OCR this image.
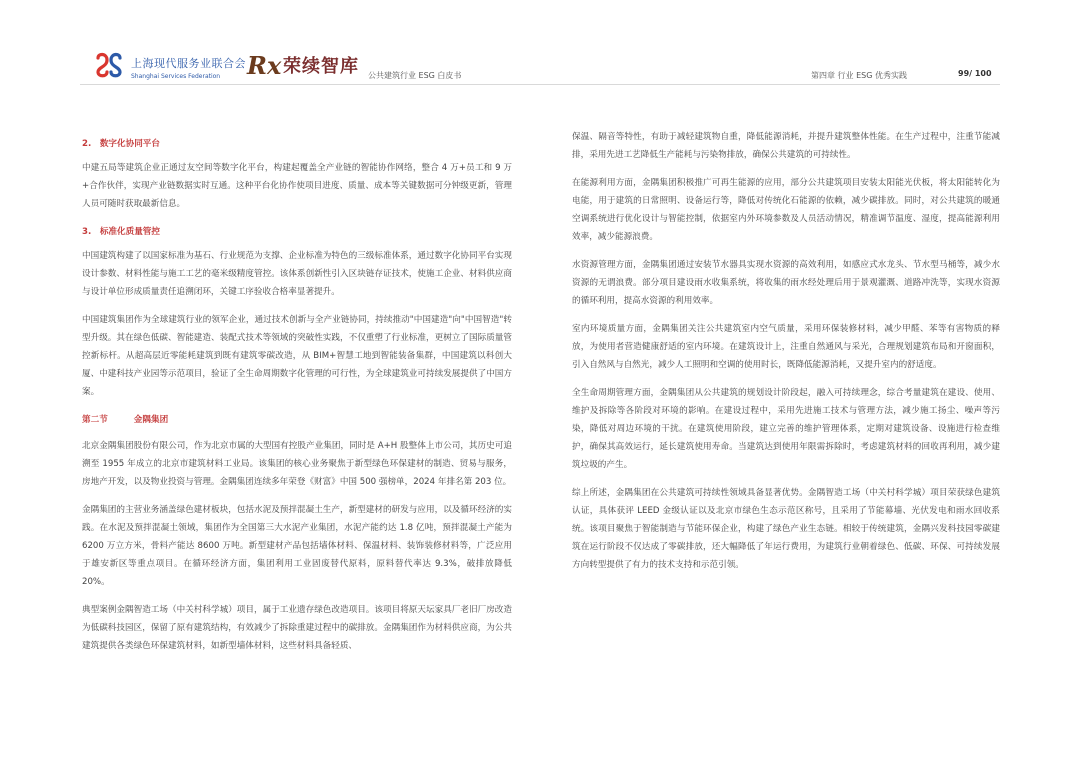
上海现代服务业联合会
Shanghai Services Federation	Rx 荣续智库 公共建筑行业 ESG 白皮书	第四章 行业 ESG 优秀实践	99/ 100
2.　数字化协同平台

中建五局等建筑企业正通过友空间等数字化平台，构建起覆盖全产业链的智能协作网络，整合 4 万+员工和 9 万+合作伙伴，实现产业链数据实时互通。这种平台化协作使项目进度、质量、成本等关键数据可分钟级更新，管理人员可随时获取最新信息。

3.　标准化质量管控

中国建筑构建了以国家标准为基石、行业规范为支撑、企业标准为特色的三级标准体系，通过数字化协同平台实现设计参数、材料性能与施工工艺的毫米级精度管控。该体系创新性引入区块链存证技术，使施工企业、材料供应商与设计单位形成质量责任追溯闭环，关键工序验收合格率显著提升。

中国建筑集团作为全球建筑行业的领军企业，通过技术创新与全产业链协同，持续推动"中国建造"向"中国智造"转型升级。其在绿色低碳、智能建造、装配式技术等领域的突破性实践，不仅重塑了行业标准，更树立了国际质量管控新标杆。从超高层近零能耗建筑到既有建筑零碳改造，从 BIM+智慧工地到智能装备集群，中国建筑以科创大厦、中建科技产业园等示范项目，验证了全生命周期数字化管理的可行性，为全球建筑业可持续发展提供了中国方案。

第二节	金隅集团

北京金隅集团股份有限公司，作为北京市属的大型国有控股产业集团，同时是 A+H 股整体上市公司，其历史可追溯至 1955 年成立的北京市建筑材料工业局。该集团的核心业务聚焦于新型绿色环保建材的制造、贸易与服务，房地产开发，以及物业投资与管理。金隅集团连续多年荣登《财富》中国 500 强榜单，2024 年排名第 203 位。

金隅集团的主营业务涵盖绿色建材板块，包括水泥及预拌混凝土生产，新型建材的研发与应用，以及循环经济的实践。在水泥及预拌混凝土领域，集团作为全国第三大水泥产业集团，水泥产能约达 1.8 亿吨，预拌混凝土产能为 6200 万立方米，骨料产能达 8600 万吨。新型建材产品包括墙体材料、保温材料、装饰装修材料等，广泛应用于雄安新区等重点项目。在循环经济方面，集团利用工业固废替代原料，原料替代率达 9.3%，破排放降低 20%。

典型案例金隅智造工场（中关村科学城）项目，属于工业遗存绿色改造项目。该项目将原天坛家具厂老旧厂房改造为低碳科技园区，保留了原有建筑结构，有效减少了拆除重建过程中的碳排放。金隅集团作为材料供应商，为公共建筑提供各类绿色环保建筑材料，如新型墙体材料，这些材料具备轻质、

保温、隔音等特性，有助于减轻建筑物自重，降低能源消耗，并提升建筑整体性能。在生产过程中，注重节能减排，采用先进工艺降低生产能耗与污染物排放，确保公共建筑的可持续性。

在能源利用方面，金隅集团积极推广可再生能源的应用，部分公共建筑项目安装太阳能光伏板，将太阳能转化为电能，用于建筑的日常照明、设备运行等，降低对传统化石能源的依赖，减少碳排放。同时，对公共建筑的暖通空调系统进行优化设计与智能控制，依据室内外环境参数及人员活动情况，精准调节温度、湿度，提高能源利用效率，减少能源浪费。

水资源管理方面，金隅集团通过安装节水器具实现水资源的高效利用，如感应式水龙头、节水型马桶等，减少水资源的无谓浪费。部分项目建设雨水收集系统，将收集的雨水经处理后用于景观灌溉、道路冲洗等，实现水资源的循环利用，提高水资源的利用效率。

室内环境质量方面，金隅集团关注公共建筑室内空气质量，采用环保装修材料，减少甲醛、苯等有害物质的释放，为使用者营造健康舒适的室内环境。在建筑设计上，注重自然通风与采光，合理规划建筑布局和开窗面积，引入自然风与自然光，减少人工照明和空调的使用时长，既降低能源消耗，又提升室内的舒适度。

全生命周期管理方面，金隅集团从公共建筑的规划设计阶段起，融入可持续理念，综合考量建筑在建设、使用、维护及拆除等各阶段对环境的影响。在建设过程中，采用先进施工技术与管理方法，减少施工扬尘、噪声等污染，降低对周边环境的干扰。在建筑使用阶段，建立完善的维护管理体系，定期对建筑设备、设施进行检查维护，确保其高效运行，延长建筑使用寿命。当建筑达到使用年限需拆除时，考虑建筑材料的回收再利用，减少建筑垃圾的产生。

综上所述，金隅集团在公共建筑可持续性领域具备显著优势。金隅智造工场（中关村科学城）项目荣获绿色建筑认证，具体获评 LEED 金级认证以及北京市绿色生态示范区称号，且采用了节能幕墙、光伏发电和雨水回收系统。该项目聚焦于智能制造与节能环保企业，构建了绿色产业生态链。相较于传统建筑，金隅兴发科技园零碳建筑在运行阶段不仅达成了零碳排放，还大幅降低了年运行费用，为建筑行业朝着绿色、低碳、环保、可持续发展方向转型提供了有力的技术支持和示范引领。
